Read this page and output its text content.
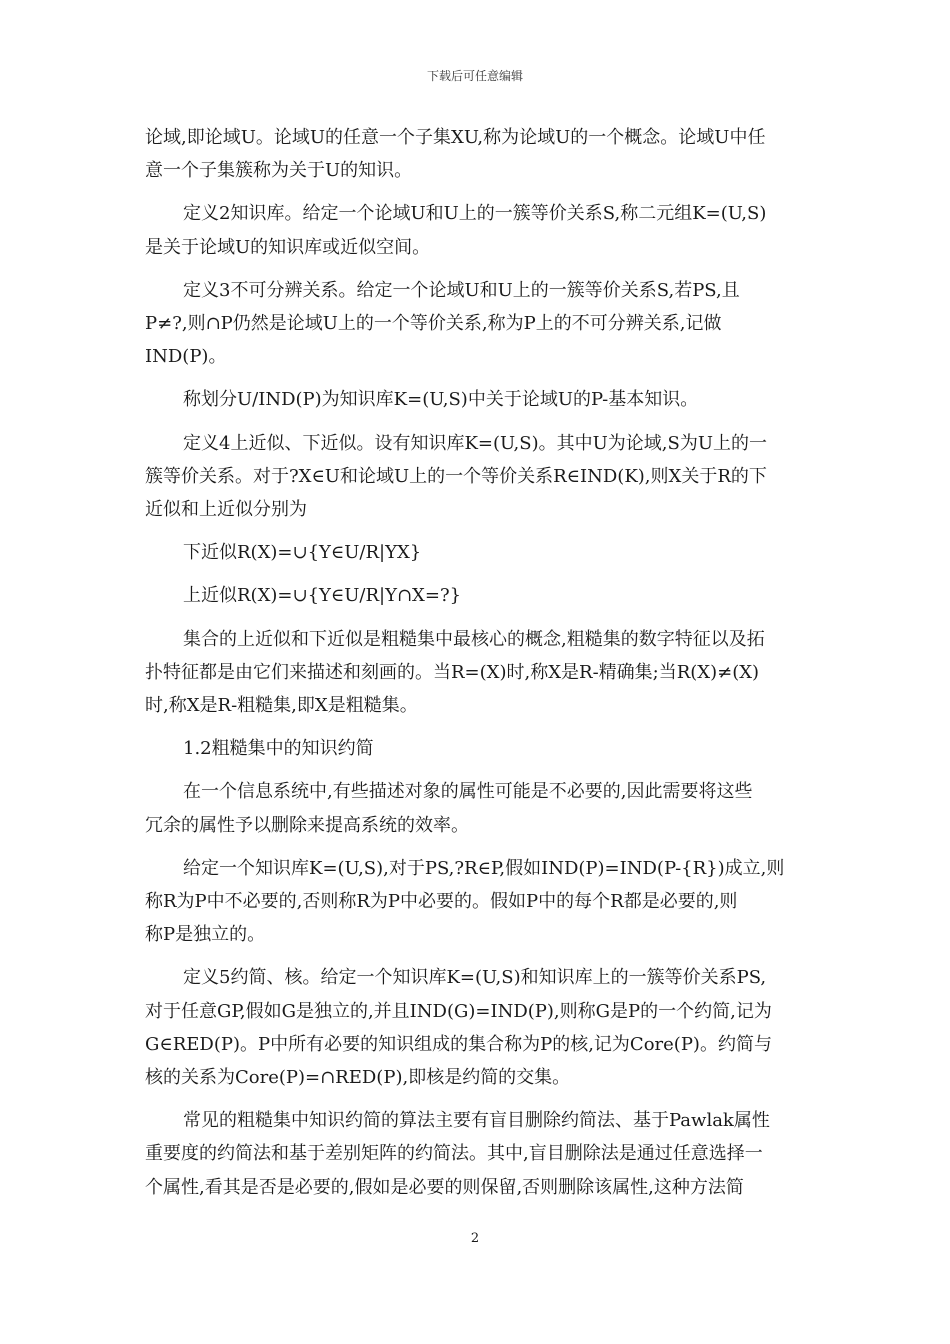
下载后可任意编辑

论域,即论域U。论域U的任意一个子集XU,称为论域U的一个概念。论域U中任

意一个子集簇称为关于U的知识。

定义2知识库。给定一个论域U和U上的一簇等价关系S,称二元组K=(U,S)

是关于论域U的知识库或近似空间。

定义3不可分辨关系。给定一个论域U和U上的一簇等价关系S,若PS,且

P≠?,则∩P仍然是论域U上的一个等价关系,称为P上的不可分辨关系,记做

IND(P)。

称划分U/IND(P)为知识库K=(U,S)中关于论域U的P-基本知识。

定义4上近似、下近似。设有知识库K=(U,S)。其中U为论域,S为U上的一

簇等价关系。对于?X∈U和论域U上的一个等价关系R∈IND(K),则X关于R的下

近似和上近似分别为

下近似R(X)=∪{Y∈U/R|YX}

上近似R(X)=∪{Y∈U/R|Y∩X=?}

集合的上近似和下近似是粗糙集中最核心的概念,粗糙集的数字特征以及拓

扑特征都是由它们来描述和刻画的。当R=(X)时,称X是R-精确集;当R(X)≠(X)

时,称X是R-粗糙集,即X是粗糙集。

1.2粗糙集中的知识约简

在一个信息系统中,有些描述对象的属性可能是不必要的,因此需要将这些

冗余的属性予以删除来提高系统的效率。

给定一个知识库K=(U,S),对于PS,?R∈P,假如IND(P)=IND(P-{R})成立,则

称R为P中不必要的,否则称R为P中必要的。假如P中的每个R都是必要的,则

称P是独立的。

定义5约简、核。给定一个知识库K=(U,S)和知识库上的一簇等价关系PS,

对于任意GP,假如G是独立的,并且IND(G)=IND(P),则称G是P的一个约简,记为

G∈RED(P)。P中所有必要的知识组成的集合称为P的核,记为Core(P)。约简与

核的关系为Core(P)=∩RED(P),即核是约简的交集。

常见的粗糙集中知识约简的算法主要有盲目删除约简法、基于Pawlak属性

重要度的约简法和基于差别矩阵的约简法。其中,盲目删除法是通过任意选择一

个属性,看其是否是必要的,假如是必要的则保留,否则删除该属性,这种方法简

2
